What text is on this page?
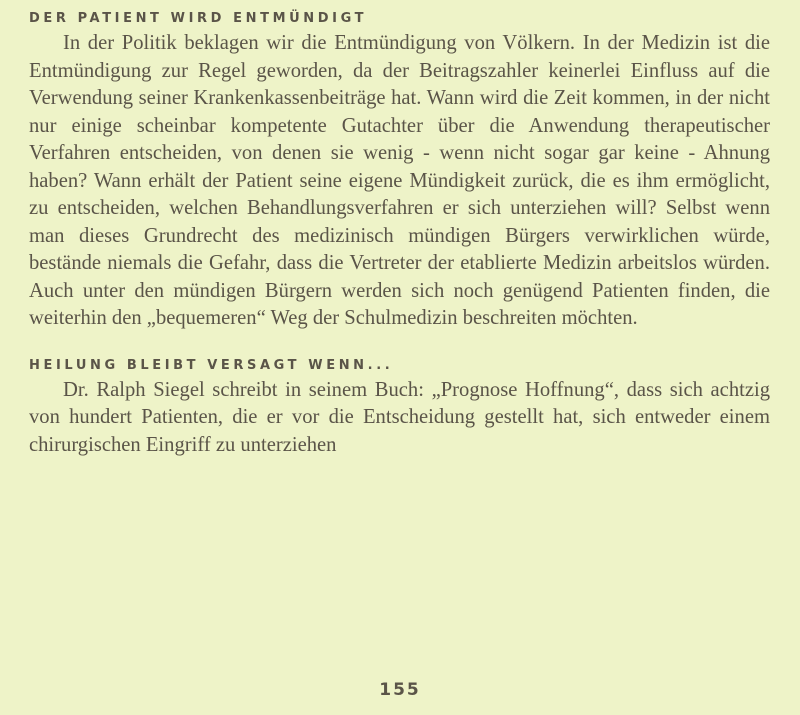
DER PATIENT WIRD ENTMÜNDIGT

In der Politik beklagen wir die Entmündigung von Völkern. In der Medizin ist die Entmündigung zur Regel geworden, da der Beitragszahler keinerlei Einfluss auf die Verwendung seiner Krankenkassenbeiträge hat. Wann wird die Zeit kommen, in der nicht nur einige scheinbar kompetente Gutachter über die Anwendung therapeutischer Verfahren entscheiden, von denen sie wenig - wenn nicht sogar gar keine - Ahnung haben? Wann erhält der Patient seine eigene Mündigkeit zurück, die es ihm ermöglicht, zu entscheiden, welchen Behandlungsverfahren er sich unterziehen will? Selbst wenn man dieses Grundrecht des medizinisch mündigen Bürgers verwirklichen würde, bestände niemals die Gefahr, dass die Vertreter der etablierte Medizin arbeitslos würden. Auch unter den mündigen Bürgern werden sich noch genügend Patienten finden, die weiterhin den „bequemeren“ Weg der Schulmedizin beschreiten möchten.

HEILUNG BLEIBT VERSAGT WENN...

Dr. Ralph Siegel schreibt in seinem Buch: „Prognose Hoffnung“, dass sich achtzig von hundert Patienten, die er vor die Entscheidung gestellt hat, sich entweder einem chirurgischen Eingriff zu unterziehen

155
